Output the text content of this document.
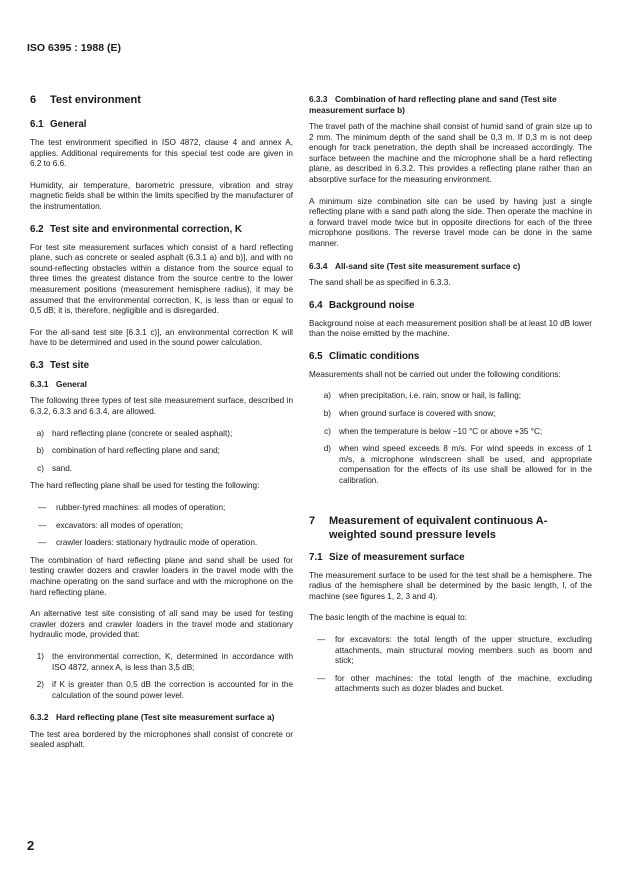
ISO 6395 : 1988 (E)
6 Test environment
6.1 General

The test environment specified in ISO 4872, clause 4 and annex A, applies. Additional requirements for this special test code are given in 6.2 to 6.6.

Humidity, air temperature, barometric pressure, vibration and stray magnetic fields shall be within the limits specified by the manufacturer of the instrumentation.

6.2 Test site and environmental correction, K

For test site measurement surfaces which consist of a hard reflecting plane, such as concrete or sealed asphalt (6.3.1 a) and b)], and with no sound-reflecting obstacles within a distance from the source equal to three times the greatest distance from the source centre to the lower measurement positions (measurement hemisphere radius), it may be assumed that the environmental correction, K, is less than or equal to 0,5 dB; it is, therefore, negligible and is disregarded.

For the all-sand test site [6.3.1 c)], an environmental correction K will have to be determined and used in the sound power calculation.

6.3 Test site
6.3.1 General

The following three types of test site measurement surface, described in 6.3.2, 6.3.3 and 6.3.4, are allowed.

a) hard reflecting plane (concrete or sealed asphalt);
b) combination of hard reflecting plane and sand;
c) sand.

The hard reflecting plane shall be used for testing the following:

—	rubber-tyred machines: all modes of operation;
—	excavators: all modes of operation;
—	crawler loaders: stationary hydraulic mode of operation.

The combination of hard reflecting plane and sand shall be used for testing crawler dozers and crawler loaders in the travel mode with the machine operating on the sand surface and with the microphone on the hard reflecting plane.

An alternative test site consisting of all sand may be used for testing crawler dozers and crawler loaders in the travel mode and stationary hydraulic mode, provided that:

1) the environmental correction, K, determined in accordance with ISO 4872, annex A, is less than 3,5 dB;
2) if K is greater than 0,5 dB the correction is accounted for in the calculation of the sound power level.
6.3.2 Hard reflecting plane (Test site measurement surface a)

The test area bordered by the microphones shall consist of concrete or sealed asphalt.

6.3.3 Combination of hard reflecting plane and sand (Test site measurement surface b)

The travel path of the machine shall consist of humid sand of grain size up to 2 mm. The minimum depth of the sand shall be 0,3 m. If 0,3 m is not deep enough for track penetration, the depth shall be increased accordingly. The surface between the machine and the microphone shall be a hard reflecting plane, as described in 6.3.2. This provides a reflecting plane rather than an absorptive surface for the measuring environment.

A minimum size combination site can be used by having just a single reflecting plane with a sand path along the side. Then operate the machine in a forward travel mode twice but in opposite directions for each of the three microphone positions. The reverse travel mode can be done in the same manner.

6.3.4 All-sand site (Test site measurement surface c)

The sand shall be as specified in 6.3.3.

6.4 Background noise

Background noise at each measurement position shall be at least 10 dB lower than the noise emitted by the machine.

6.5 Climatic conditions

Measurements shall not be carried out under the following conditions:

a) when precipitation, i.e. rain, snow or hail, is falling;
b) when ground surface is covered with snow;
c) when the temperature is below −10 °C or above +35 °C;
d) when wind speed exceeds 8 m/s. For wind speeds in excess of 1 m/s, a microphone windscreen shall be used, and appropriate compensation for the effects of its use shall be allowed for in the calibration.
7	Measurement of equivalent continuous A-weighted sound pressure levels
7.1 Size of measurement surface

The measurement surface to be used for the test shall be a hemisphere. The radius of the hemisphere shall be determined by the basic length, l, of the machine (see figures 1, 2, 3 and 4).

The basic length of the machine is equal to:

—	for excavators: the total length of the upper structure, excluding attachments, main structural moving members such as boom and stick;
—	for other machines: the total length of the machine, excluding attachments such as dozer blades and bucket.
2
